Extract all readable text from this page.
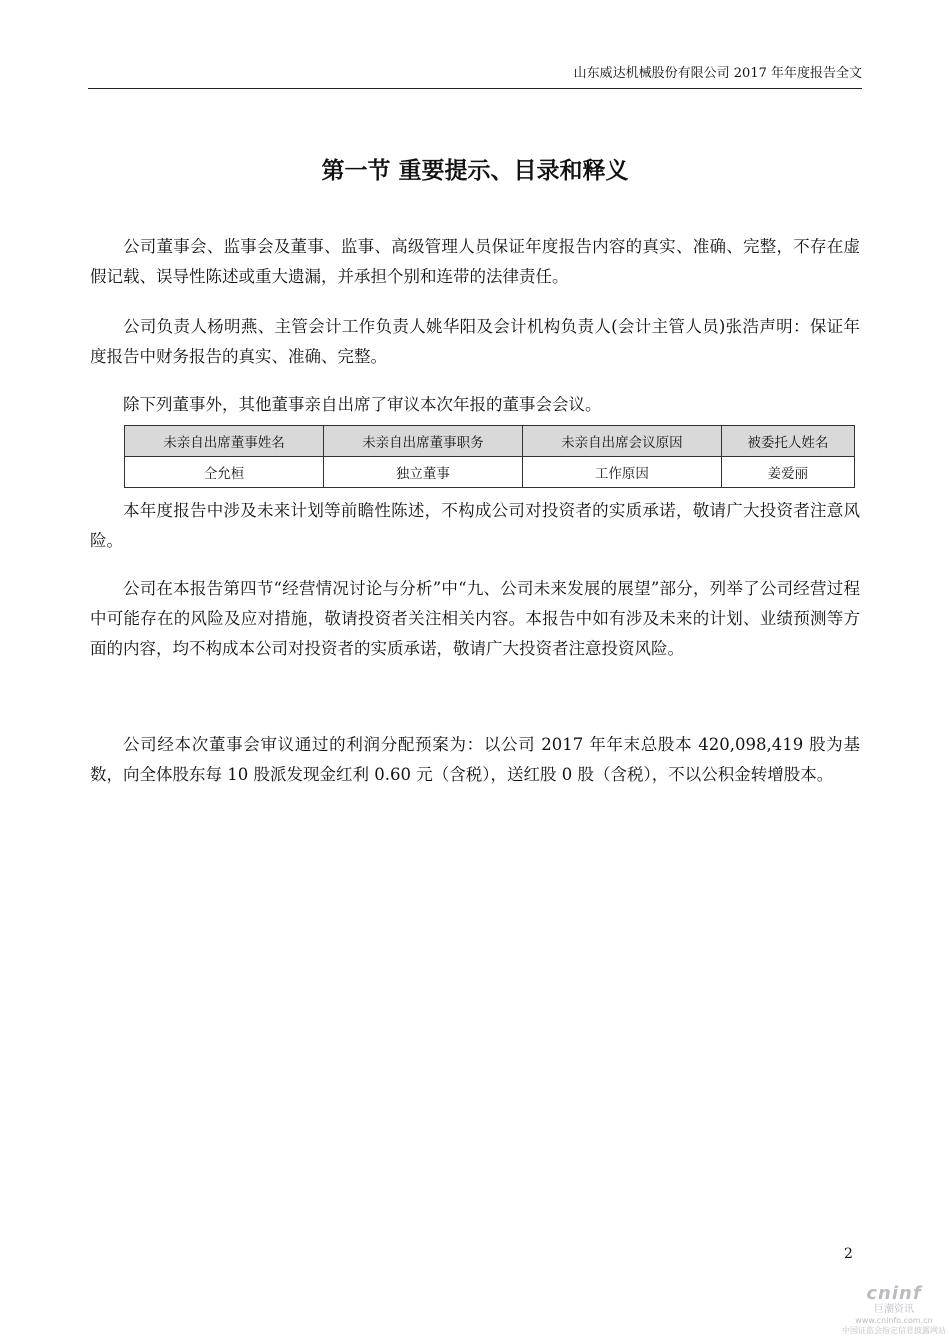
山东威达机械股份有限公司 2017 年年度报告全文
第一节 重要提示、目录和释义

公司董事会、监事会及董事、监事、高级管理人员保证年度报告内容的真实、准确、完整，不存在虚假记载、误导性陈述或重大遗漏，并承担个别和连带的法律责任。

公司负责人杨明燕、主管会计工作负责人姚华阳及会计机构负责人(会计主管人员)张浩声明：保证年度报告中财务报告的真实、准确、完整。

除下列董事外，其他董事亲自出席了审议本次年报的董事会会议。

未亲自出席董事姓名	未亲自出席董事职务	未亲自出席会议原因	被委托人姓名
仝允桓	独立董事	工作原因	姜爱丽

本年度报告中涉及未来计划等前瞻性陈述，不构成公司对投资者的实质承诺，敬请广大投资者注意风险。

公司在本报告第四节“经营情况讨论与分析”中“九、公司未来发展的展望”部分，列举了公司经营过程中可能存在的风险及应对措施，敬请投资者关注相关内容。本报告中如有涉及未来的计划、业绩预测等方面的内容，均不构成本公司对投资者的实质承诺，敬请广大投资者注意投资风险。

公司经本次董事会审议通过的利润分配预案为：以公司 2017 年年末总股本 420,098,419 股为基数，向全体股东每 10 股派发现金红利 0.60 元（含税），送红股 0 股（含税），不以公积金转增股本。

2
cninf
巨潮资讯
www.cninfo.com.cn
中国证监会指定信息披露网站
